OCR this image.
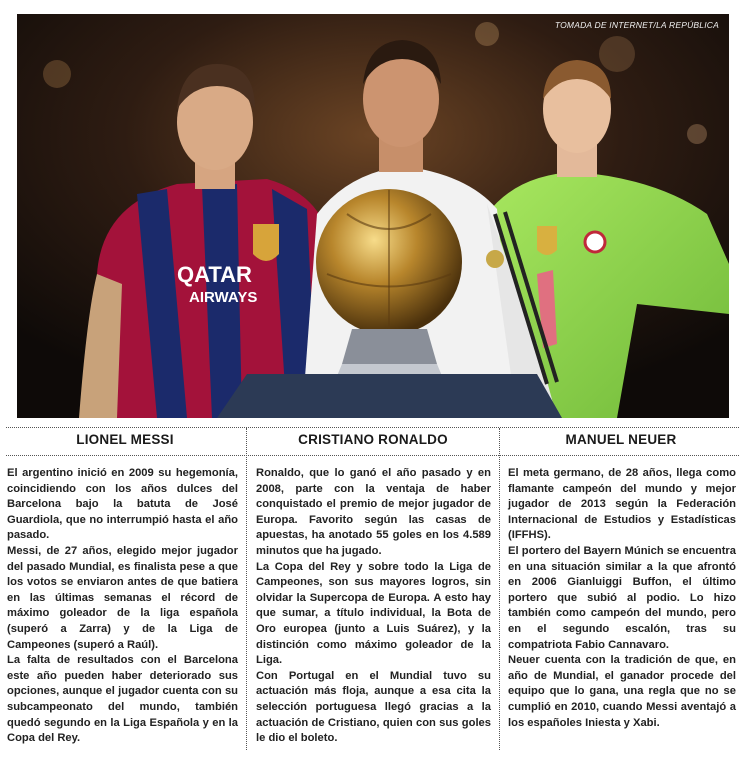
QATAR
AIRWAYS
TOMADA DE INTERNET/LA REPÚBLICA
LIONEL MESSI	CRISTIANO RONALDO	MANUEL NEUER

El argentino inició en 2009 su hegemonía, coincidiendo con los años dulces del Barcelona bajo la batuta de José Guardiola, que no interrumpió hasta el año pasado.

Messi, de 27 años, elegido mejor jugador del pasado Mundial, es finalista pese a que los votos se enviaron antes de que batiera en las últimas semanas el récord de máximo goleador de la liga española (superó a Zarra) y de la Liga de Campeones (superó a Raúl).

La falta de resultados con el Barcelona este año pueden haber deteriorado sus opciones, aunque el jugador cuenta con su subcampeonato del mundo, también quedó segundo en la Liga Española y en la Copa del Rey.

Ronaldo, que lo ganó el año pasado y en 2008, parte con la ventaja de haber conquistado el premio de mejor jugador de Europa. Favorito según las casas de apuestas, ha anotado 55 goles en los 4.589 minutos que ha jugado.

La Copa del Rey y sobre todo la Liga de Campeones, son sus mayores logros, sin olvidar la Supercopa de Europa. A esto hay que sumar, a título individual, la Bota de Oro europea (junto a Luis Suárez), y la distinción como máximo goleador de la Liga.

Con Portugal en el Mundial tuvo su actuación más floja, aunque a esa cita la selección portuguesa llegó gracias a la actuación de Cristiano, quien con sus goles le dio el boleto.

El meta germano, de 28 años, llega como flamante campeón del mundo y mejor jugador de 2013 según la Federación Internacional de Estudios y Estadísticas (IFFHS).

El portero del Bayern Múnich se encuentra en una situación similar a la que afrontó en 2006 Gianluiggi Buffon, el último portero que subió al podio. Lo hizo también como campeón del mundo, pero en el segundo escalón, tras su compatriota Fabio Cannavaro.

Neuer cuenta con la tradición de que, en año de Mundial, el ganador procede del equipo que lo gana, una regla que no se cumplió en 2010, cuando Messi aventajó a los españoles Iniesta y Xabi.
